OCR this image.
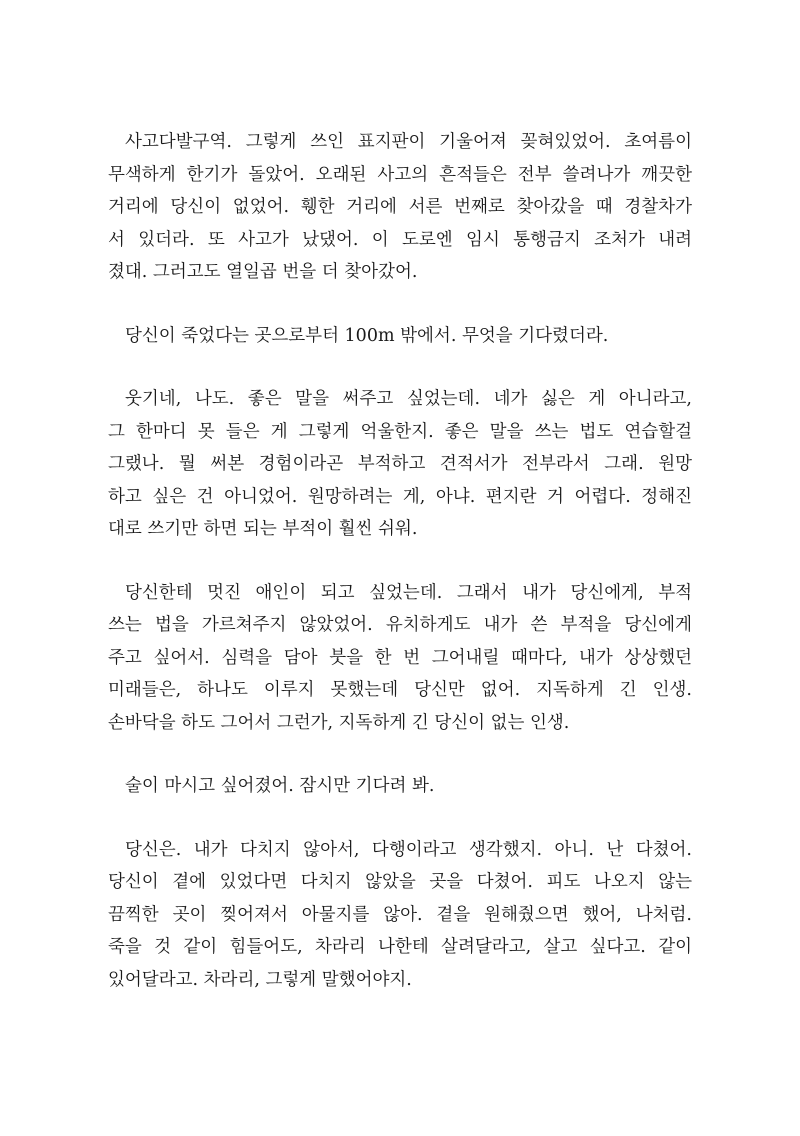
사고다발구역. 그렇게 쓰인 표지판이 기울어져 꽂혀있었어. 초여름이
무색하게 한기가 돌았어. 오래된 사고의 흔적들은 전부 쓸려나가 깨끗한
거리에 당신이 없었어. 휑한 거리에 서른 번째로 찾아갔을 때 경찰차가
서 있더라. 또 사고가 났댔어. 이 도로엔 임시 통행금지 조처가 내려
졌대. 그러고도 열일곱 번을 더 찾아갔어.
당신이 죽었다는 곳으로부터 100m 밖에서. 무엇을 기다렸더라.
웃기네, 나도. 좋은 말을 써주고 싶었는데. 네가 싫은 게 아니라고,
그 한마디 못 들은 게 그렇게 억울한지. 좋은 말을 쓰는 법도 연습할걸
그랬나. 뭘 써본 경험이라곤 부적하고 견적서가 전부라서 그래. 원망
하고 싶은 건 아니었어. 원망하려는 게, 아냐. 편지란 거 어렵다. 정해진
대로 쓰기만 하면 되는 부적이 훨씬 쉬워.
당신한테 멋진 애인이 되고 싶었는데. 그래서 내가 당신에게, 부적
쓰는 법을 가르쳐주지 않았었어. 유치하게도 내가 쓴 부적을 당신에게
주고 싶어서. 심력을 담아 붓을 한 번 그어내릴 때마다, 내가 상상했던
미래들은, 하나도 이루지 못했는데 당신만 없어. 지독하게 긴 인생.
손바닥을 하도 그어서 그런가, 지독하게 긴 당신이 없는 인생.
술이 마시고 싶어졌어. 잠시만 기다려 봐.
당신은. 내가 다치지 않아서, 다행이라고 생각했지. 아니. 난 다쳤어.
당신이 곁에 있었다면 다치지 않았을 곳을 다쳤어. 피도 나오지 않는
끔찍한 곳이 찢어져서 아물지를 않아. 곁을 원해줬으면 했어, 나처럼.
죽을 것 같이 힘들어도, 차라리 나한테 살려달라고, 살고 싶다고. 같이
있어달라고. 차라리, 그렇게 말했어야지.
